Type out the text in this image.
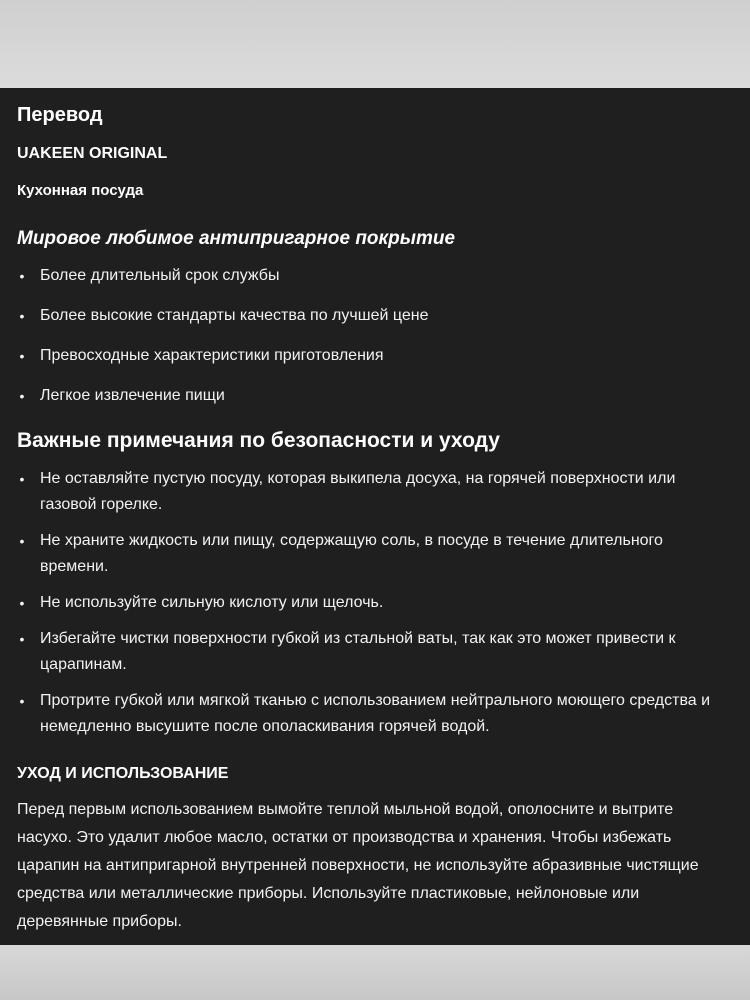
Перевод
UAKEEN ORIGINAL
Кухонная посуда
Мировое любимое антипригарное покрытие
• Более длительный срок службы
• Более высокие стандарты качества по лучшей цене
• Превосходные характеристики приготовления
• Легкое извлечение пищи
Важные примечания по безопасности и уходу
• Не оставляйте пустую посуду, которая выкипела досуха, на горячей поверхности или газовой горелке.
• Не храните жидкость или пищу, содержащую соль, в посуде в течение длительного времени.
• Не используйте сильную кислоту или щелочь.
• Избегайте чистки поверхности губкой из стальной ваты, так как это может привести к царапинам.
• Протрите губкой или мягкой тканью с использованием нейтрального моющего средства и немедленно высушите после ополаскивания горячей водой.
УХОД И ИСПОЛЬЗОВАНИЕ

Перед первым использованием вымойте теплой мыльной водой, ополосните и вытрите насухо. Это удалит любое масло, остатки от производства и хранения. Чтобы избежать царапин на антипригарной внутренней поверхности, не используйте абразивные чистящие средства или металлические приборы. Используйте пластиковые, нейлоновые или деревянные приборы.
